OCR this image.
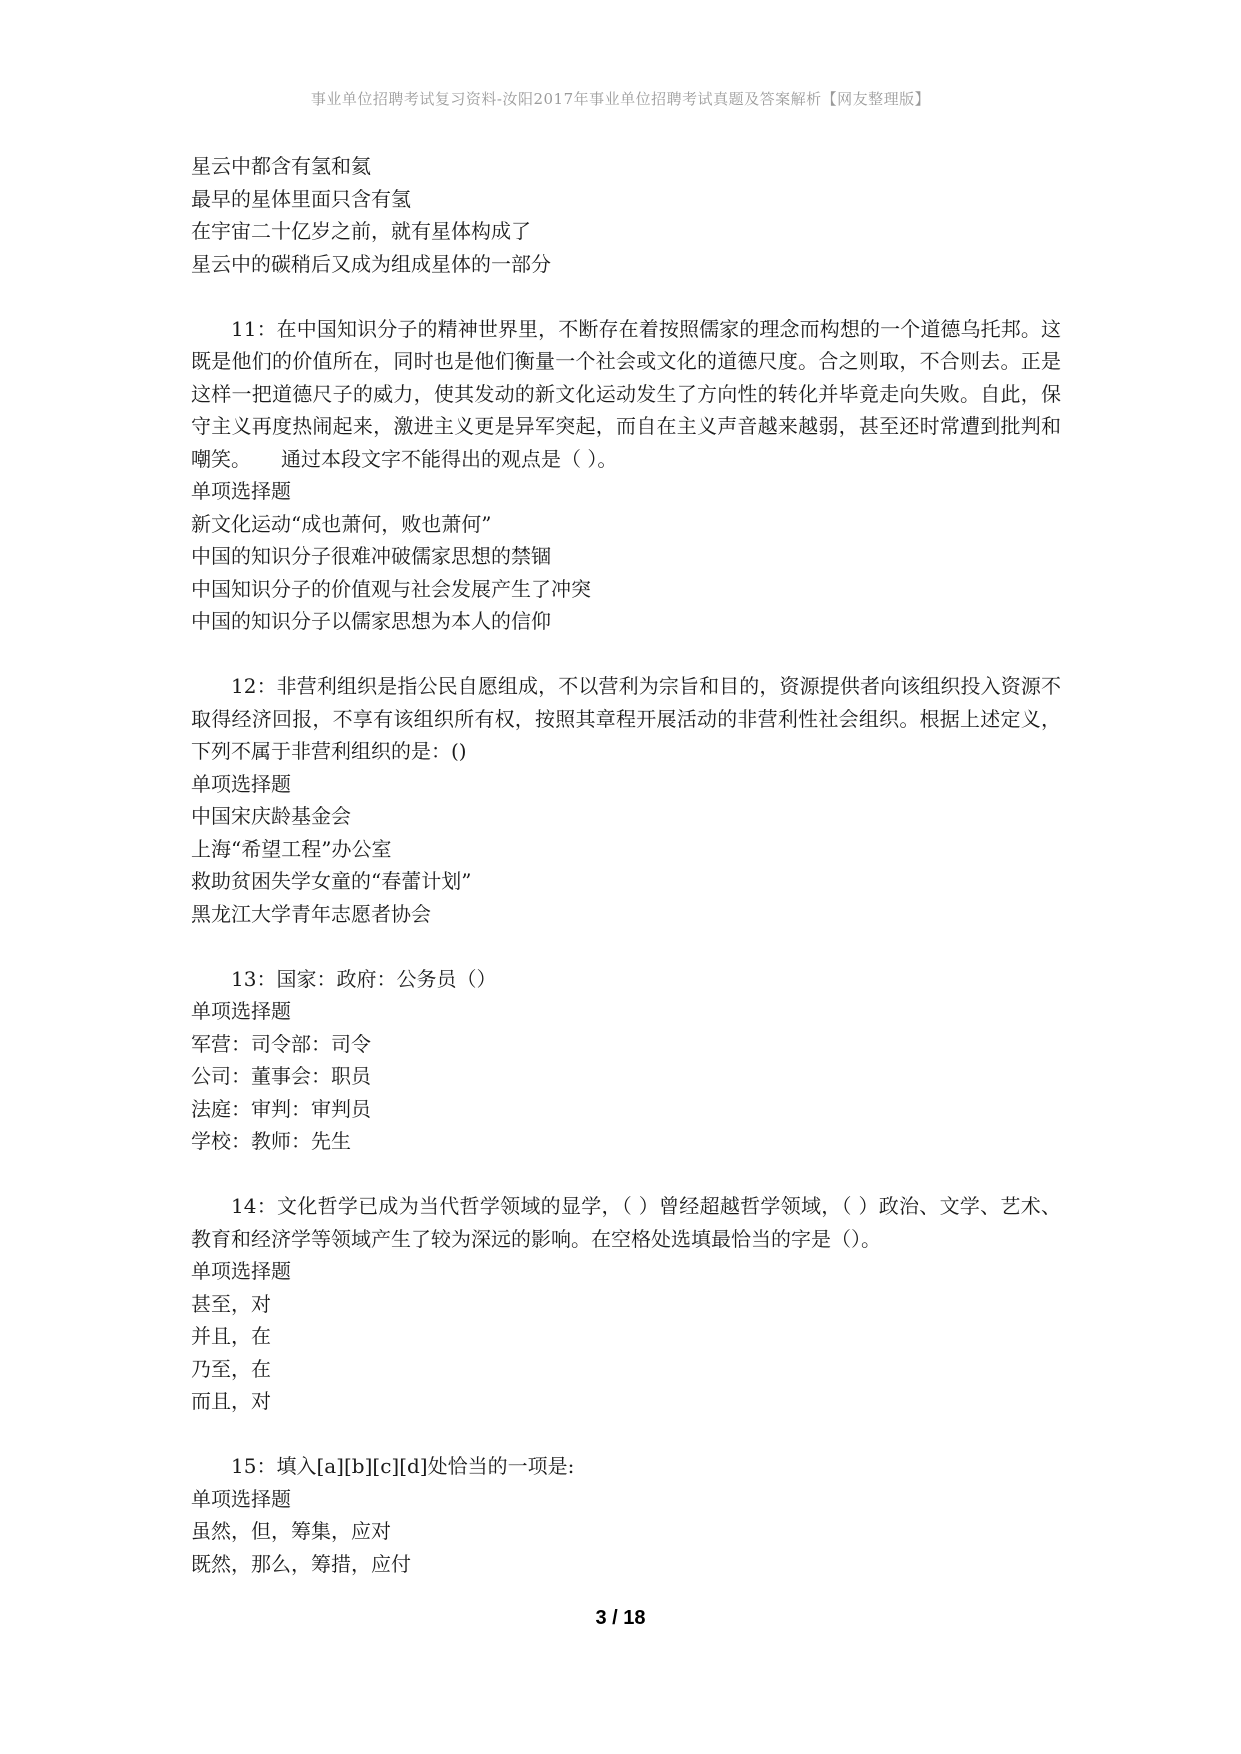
事业单位招聘考试复习资料-汝阳2017年事业单位招聘考试真题及答案解析【网友整理版】

星云中都含有氢和氦

最早的星体里面只含有氢

在宇宙二十亿岁之前，就有星体构成了

星云中的碳稍后又成为组成星体的一部分

11：在中国知识分子的精神世界里，不断存在着按照儒家的理念而构想的一个道德乌托邦。这既是他们的价值所在，同时也是他们衡量一个社会或文化的道德尺度。合之则取，不合则去。正是这样一把道德尺子的威力，使其发动的新文化运动发生了方向性的转化并毕竟走向失败。自此，保守主义再度热闹起来，激进主义更是异军突起，而自在主义声音越来越弱，甚至还时常遭到批判和嘲笑。　　通过本段文字不能得出的观点是（ ）。

单项选择题

新文化运动“成也萧何，败也萧何”

中国的知识分子很难冲破儒家思想的禁锢

中国知识分子的价值观与社会发展产生了冲突

中国的知识分子以儒家思想为本人的信仰

12：非营利组织是指公民自愿组成，不以营利为宗旨和目的，资源提供者向该组织投入资源不取得经济回报，不享有该组织所有权，按照其章程开展活动的非营利性社会组织。根据上述定义，下列不属于非营利组织的是：()

单项选择题

中国宋庆龄基金会

上海“希望工程”办公室

救助贫困失学女童的“春蕾计划”

黑龙江大学青年志愿者协会

13：国家：政府：公务员（）

单项选择题

军营：司令部：司令

公司：董事会：职员

法庭：审判：审判员

学校：教师：先生

14：文化哲学已成为当代哲学领域的显学，（ ）曾经超越哲学领域，（ ）政治、文学、艺术、教育和经济学等领域产生了较为深远的影响。在空格处选填最恰当的字是（）。

单项选择题

甚至，对

并且，在

乃至，在

而且，对

15：填入[a][b][c][d]处恰当的一项是:

单项选择题

虽然，但，筹集，应对

既然，那么，筹措，应付

3 / 18
